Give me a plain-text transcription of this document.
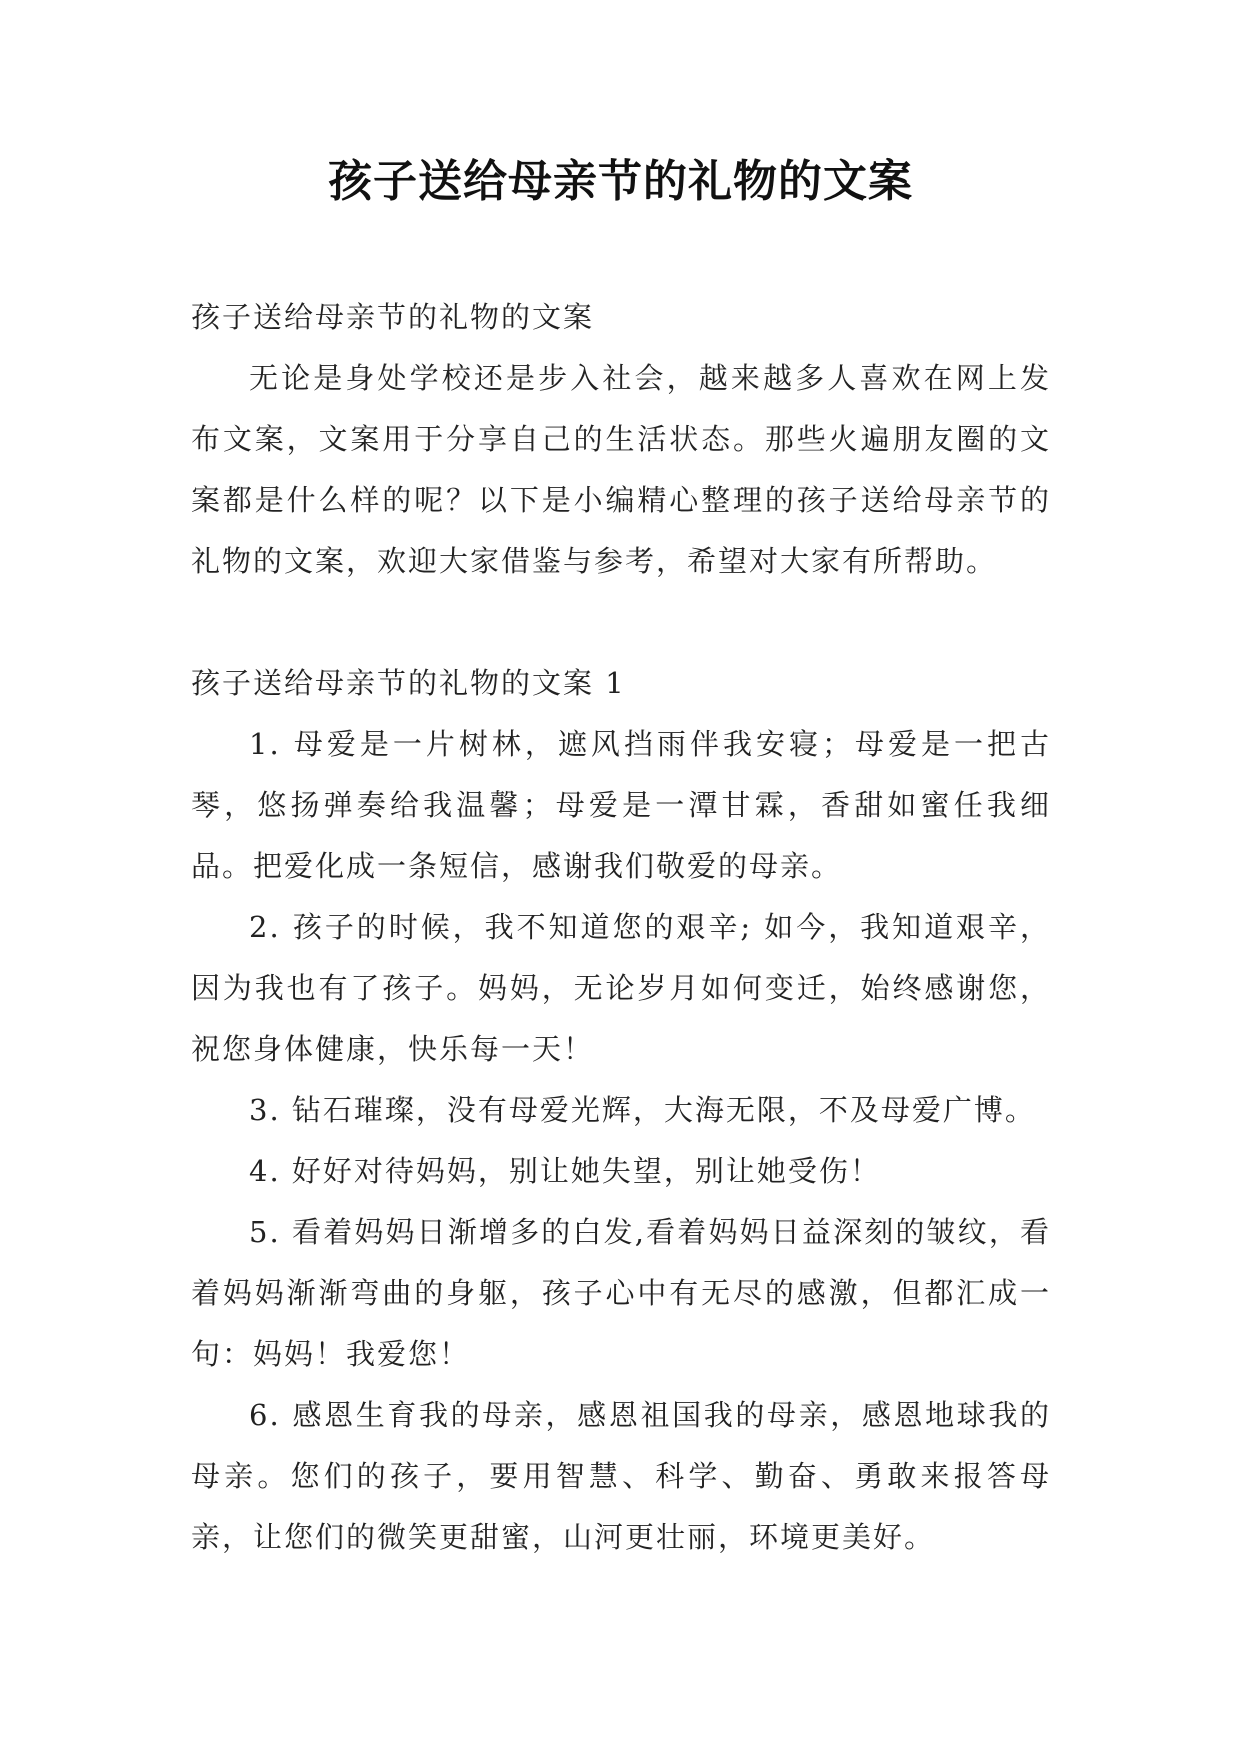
孩子送给母亲节的礼物的文案

孩子送给母亲节的礼物的文案

无论是身处学校还是步入社会，越来越多人喜欢在网上发布文案，文案用于分享自己的生活状态。那些火遍朋友圈的文案都是什么样的呢？以下是小编精心整理的孩子送给母亲节的礼物的文案，欢迎大家借鉴与参考，希望对大家有所帮助。

孩子送给母亲节的礼物的文案 1

1. 母爱是一片树林，遮风挡雨伴我安寝；母爱是一把古琴，悠扬弹奏给我温馨；母爱是一潭甘霖，香甜如蜜任我细品。把爱化成一条短信，感谢我们敬爱的母亲。

2. 孩子的时候，我不知道您的艰辛; 如今，我知道艰辛，因为我也有了孩子。妈妈，无论岁月如何变迁，始终感谢您，祝您身体健康，快乐每一天！

3. 钻石璀璨，没有母爱光辉，大海无限，不及母爱广博。

4. 好好对待妈妈，别让她失望，别让她受伤！

5. 看着妈妈日渐增多的白发,看着妈妈日益深刻的皱纹，看着妈妈渐渐弯曲的身躯，孩子心中有无尽的感激，但都汇成一句：妈妈！我爱您！

6. 感恩生育我的母亲，感恩祖国我的母亲，感恩地球我的母亲。您们的孩子，要用智慧、科学、勤奋、勇敢来报答母亲，让您们的微笑更甜蜜，山河更壮丽，环境更美好。
